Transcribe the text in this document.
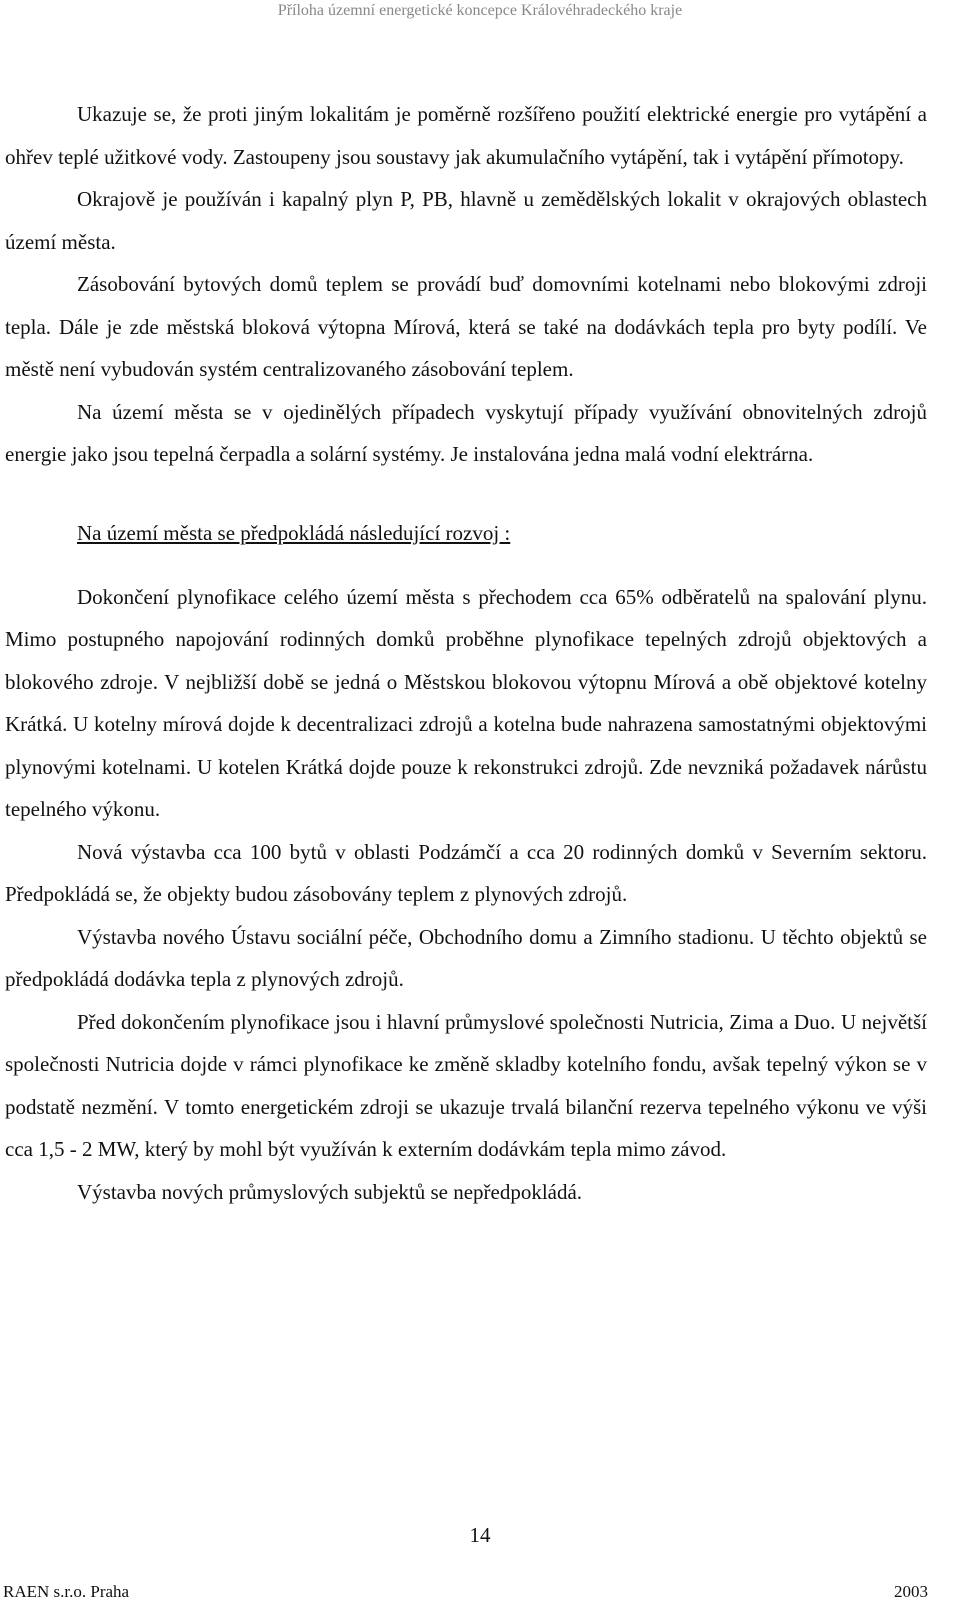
Příloha územní energetické koncepce Královéhradeckého kraje

Ukazuje se, že proti jiným lokalitám je poměrně rozšířeno použití elektrické energie pro vytápění a ohřev teplé užitkové vody. Zastoupeny jsou soustavy jak akumulačního vytápění, tak i vytápění přímotopy.

Okrajově je používán i kapalný plyn P, PB, hlavně u zemědělských lokalit v okrajových oblastech území města.

Zásobování bytových domů teplem se provádí buď domovními kotelnami nebo blokovými zdroji tepla. Dále je zde městská bloková výtopna Mírová, která se také na dodávkách tepla pro byty podílí. Ve městě není vybudován systém centralizovaného zásobování teplem.

Na území města se v ojedinělých případech vyskytují případy využívání obnovitelných zdrojů energie jako jsou tepelná čerpadla a solární systémy. Je instalována jedna malá vodní elektrárna.

Na území města se předpokládá následující rozvoj :

Dokončení plynofikace celého území města s přechodem cca 65% odběratelů na spalování plynu. Mimo postupného napojování rodinných domků proběhne plynofikace tepelných zdrojů objektových a blokového zdroje. V nejbližší době se jedná o Městskou blokovou výtopnu Mírová a obě objektové kotelny Krátká. U kotelny mírová dojde k decentralizaci zdrojů a kotelna bude nahrazena samostatnými objektovými plynovými kotelnami. U kotelen Krátká dojde pouze k rekonstrukci zdrojů. Zde nevzniká požadavek nárůstu tepelného výkonu.

Nová výstavba cca 100 bytů v oblasti Podzámčí a cca 20 rodinných domků v Severním sektoru. Předpokládá se, že objekty budou zásobovány teplem z plynových zdrojů.

Výstavba nového Ústavu sociální péče, Obchodního domu a Zimního stadionu. U těchto objektů se předpokládá dodávka tepla z plynových zdrojů.

Před dokončením plynofikace jsou i hlavní průmyslové společnosti Nutricia, Zima a Duo. U největší společnosti Nutricia dojde v rámci plynofikace ke změně skladby kotelního fondu, avšak tepelný výkon se v podstatě nezmění. V tomto energetickém zdroji se ukazuje trvalá bilanční rezerva tepelného výkonu ve výši cca 1,5 - 2 MW, který by mohl být využíván k externím dodávkám tepla mimo závod.

Výstavba nových průmyslových subjektů se nepředpokládá.

14
RAEN s.r.o. Praha	2003
